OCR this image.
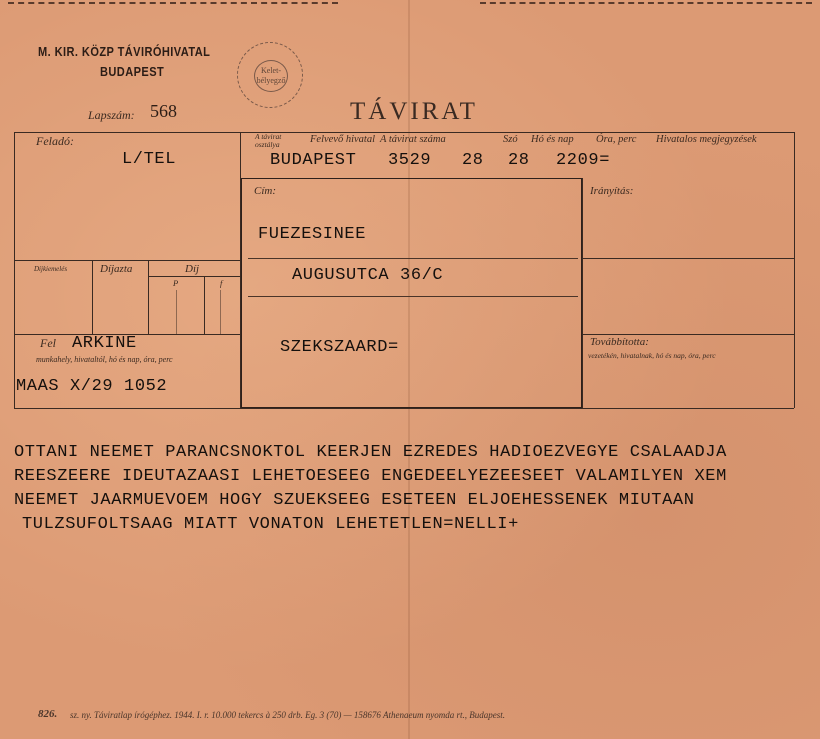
M. KIR. KÖZP TÁVIRÓHIVATAL
BUDAPEST	Kelet-
bélyegző
Lapszám: 568	TÁVIRAT
Feladó:
L/TEL
A távirat
osztálya	Felvevő hivatal A távirat száma	Szó Hó és nap Óra, perc Hivatalos megjegyzések
BUDAPEST 3529 28 28 2209=
Cím:
FUEZESINEE
AUGUSUTCA 36/C
SZEKSZAARD=
Irányítás:
Továbbította:
vezetékén, hivatalnak, hó és nap, óra, perc
Díjkiemelés	Díjazta	Díj
P	f
Fel ARKINE
munkahely, hivataltól, hó és nap, óra, perc
MAAS X/29 1052
OTTANI NEEMET PARANCSNOKTOL KEERJEN EZREDES HADIOEZVEGYE CSALAADJA
REESZEERE IDEUTAZAASI LEHETOESEEG ENGEDEELYEZEESEET VALAMILYEN XEM
NEEMET JAARMUEVOEM HOGY SZUEKSEEG ESETEEN ELJOEHESSENEK MIUTAAN
TULZSUFOLTSAAG MIATT VONATON LEHETETLEN=NELLI+
826. sz. ny. Táviratlap írógéphez. 1944. I. r. 10.000 tekercs à 250 drb. Eg. 3 (70) — 158676 Athenaeum nyomda rt., Budapest.
